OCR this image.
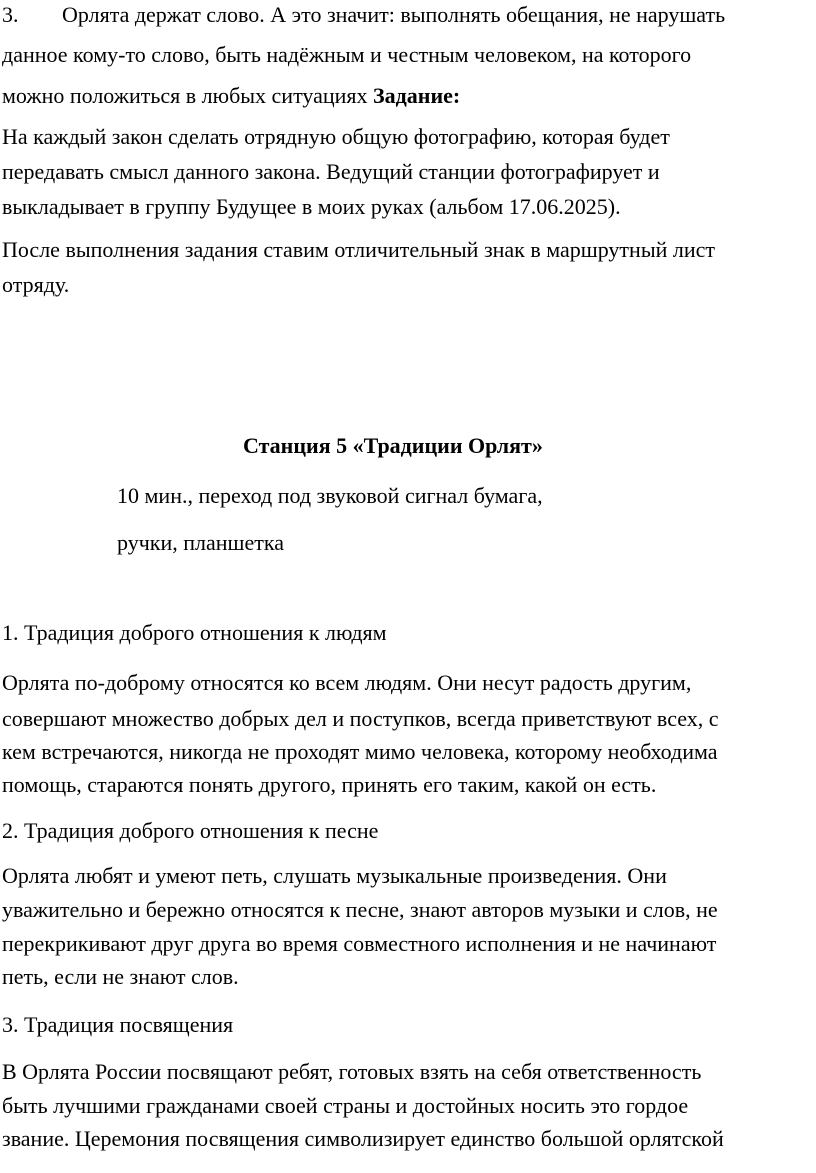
3. Орлята держат слово. А это значит: выполнять обещания, не нарушать
данное кому-то слово, быть надёжным и честным человеком, на которого
можно положиться в любых ситуациях Задание:
На каждый закон сделать отрядную общую фотографию, которая будет
передавать смысл данного закона. Ведущий станции фотографирует и
выкладывает в группу Будущее в моих руках (альбом 17.06.2025).
После выполнения задания ставим отличительный знак в маршрутный лист
отряду.
Станция 5 «Традиции Орлят»
10 мин., переход под звуковой сигнал бумага,
ручки, планшетка
1. Традиция доброго отношения к людям
Орлята по-доброму относятся ко всем людям. Они несут радость другим,
совершают множество добрых дел и поступков, всегда приветствуют всех, с
кем встречаются, никогда не проходят мимо человека, которому необходима
помощь, стараются понять другого, принять его таким, какой он есть.
2. Традиция доброго отношения к песне
Орлята любят и умеют петь, слушать музыкальные произведения. Они
уважительно и бережно относятся к песне, знают авторов музыки и слов, не
перекрикивают друг друга во время совместного исполнения и не начинают
петь, если не знают слов.
3. Традиция посвящения
В Орлята России посвящают ребят, готовых взять на себя ответственность
быть лучшими гражданами своей страны и достойных носить это гордое
звание. Церемония посвящения символизирует единство большой орлятской
